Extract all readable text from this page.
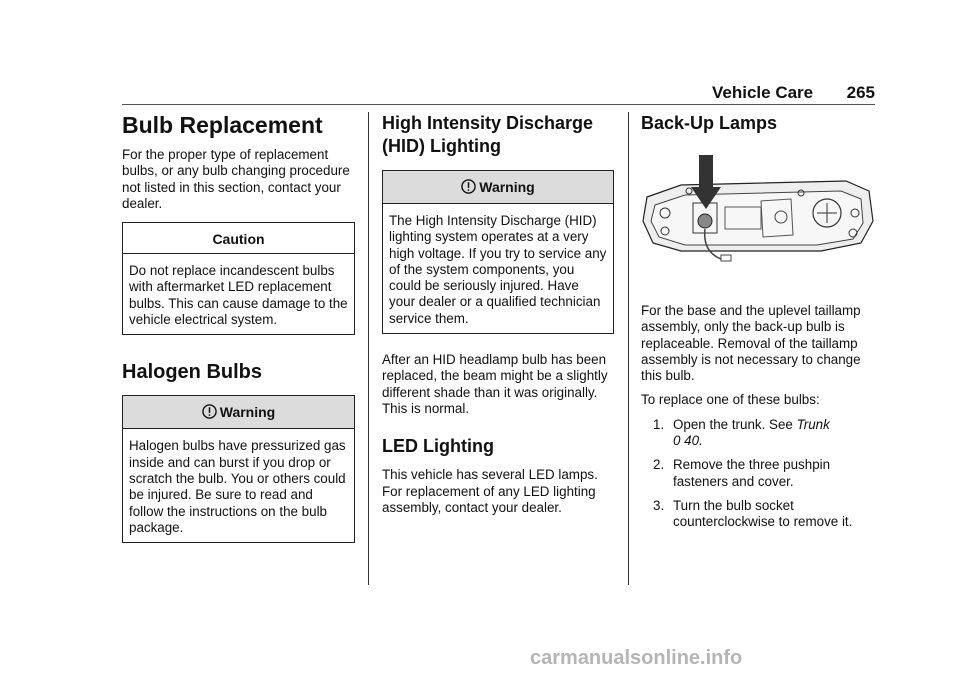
Vehicle Care 265
Bulb Replacement

For the proper type of replacement bulbs, or any bulb changing procedure not listed in this section, contact your dealer.

Caution
Do not replace incandescent bulbs with aftermarket LED replacement bulbs. This can cause damage to the vehicle electrical system.
Halogen Bulbs
Warning
Halogen bulbs have pressurized gas inside and can burst if you drop or scratch the bulb. You or others could be injured. Be sure to read and follow the instructions on the bulb package.
High Intensity Discharge (HID) Lighting
Warning
The High Intensity Discharge (HID) lighting system operates at a very high voltage. If you try to service any of the system components, you could be seriously injured. Have your dealer or a qualified technician service them.

After an HID headlamp bulb has been replaced, the beam might be a slightly different shade than it was originally. This is normal.

LED Lighting

This vehicle has several LED lamps. For replacement of any LED lighting assembly, contact your dealer.

Back-Up Lamps

For the base and the uplevel taillamp assembly, only the back-up bulb is replaceable. Removal of the taillamp assembly is not necessary to change this bulb.

To replace one of these bulbs:

1. Open the trunk. See Trunk
0 40.
2. Remove the three pushpin fasteners and cover.
3. Turn the bulb socket counterclockwise to remove it.
carmanualsonline.info
